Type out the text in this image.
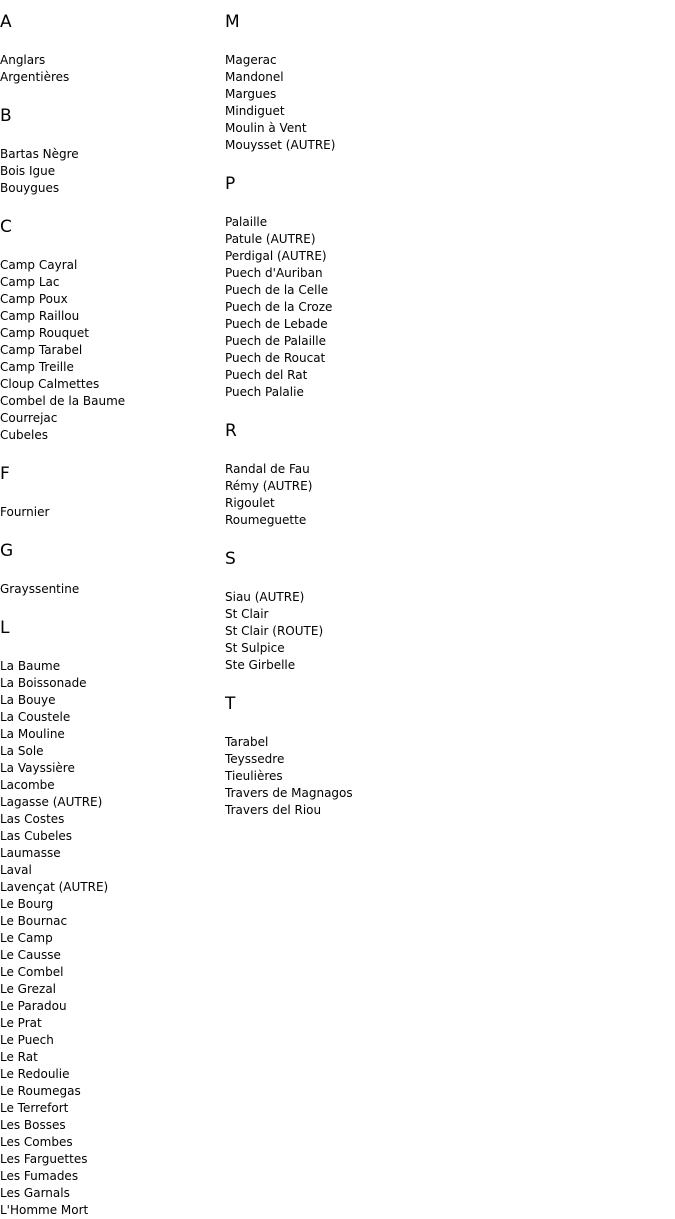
A
Anglars
Argentières
B
Bartas Nègre
Bois Igue
Bouygues
C
Camp Cayral
Camp Lac
Camp Poux
Camp Raillou
Camp Rouquet
Camp Tarabel
Camp Treille
Cloup Calmettes
Combel de la Baume
Courrejac
Cubeles
F
Fournier
G
Grayssentine
L
La Baume
La Boissonade
La Bouye
La Coustele
La Mouline
La Sole
La Vayssière
Lacombe
Lagasse (AUTRE)
Las Costes
Las Cubeles
Laumasse
Laval
Lavençat (AUTRE)
Le Bourg
Le Bournac
Le Camp
Le Causse
Le Combel
Le Grezal
Le Paradou
Le Prat
Le Puech
Le Rat
Le Redoulie
Le Roumegas
Le Terrefort
Les Bosses
Les Combes
Les Farguettes
Les Fumades
Les Garnals
L'Homme Mort
M
Magerac
Mandonel
Margues
Mindiguet
Moulin à Vent
Mouysset (AUTRE)
P
Palaille
Patule (AUTRE)
Perdigal (AUTRE)
Puech d'Auriban
Puech de la Celle
Puech de la Croze
Puech de Lebade
Puech de Palaille
Puech de Roucat
Puech del Rat
Puech Palalie
R
Randal de Fau
Rémy (AUTRE)
Rigoulet
Roumeguette
S
Siau (AUTRE)
St Clair
St Clair (ROUTE)
St Sulpice
Ste Girbelle
T
Tarabel
Teyssedre
Tieulières
Travers de Magnagos
Travers del Riou
